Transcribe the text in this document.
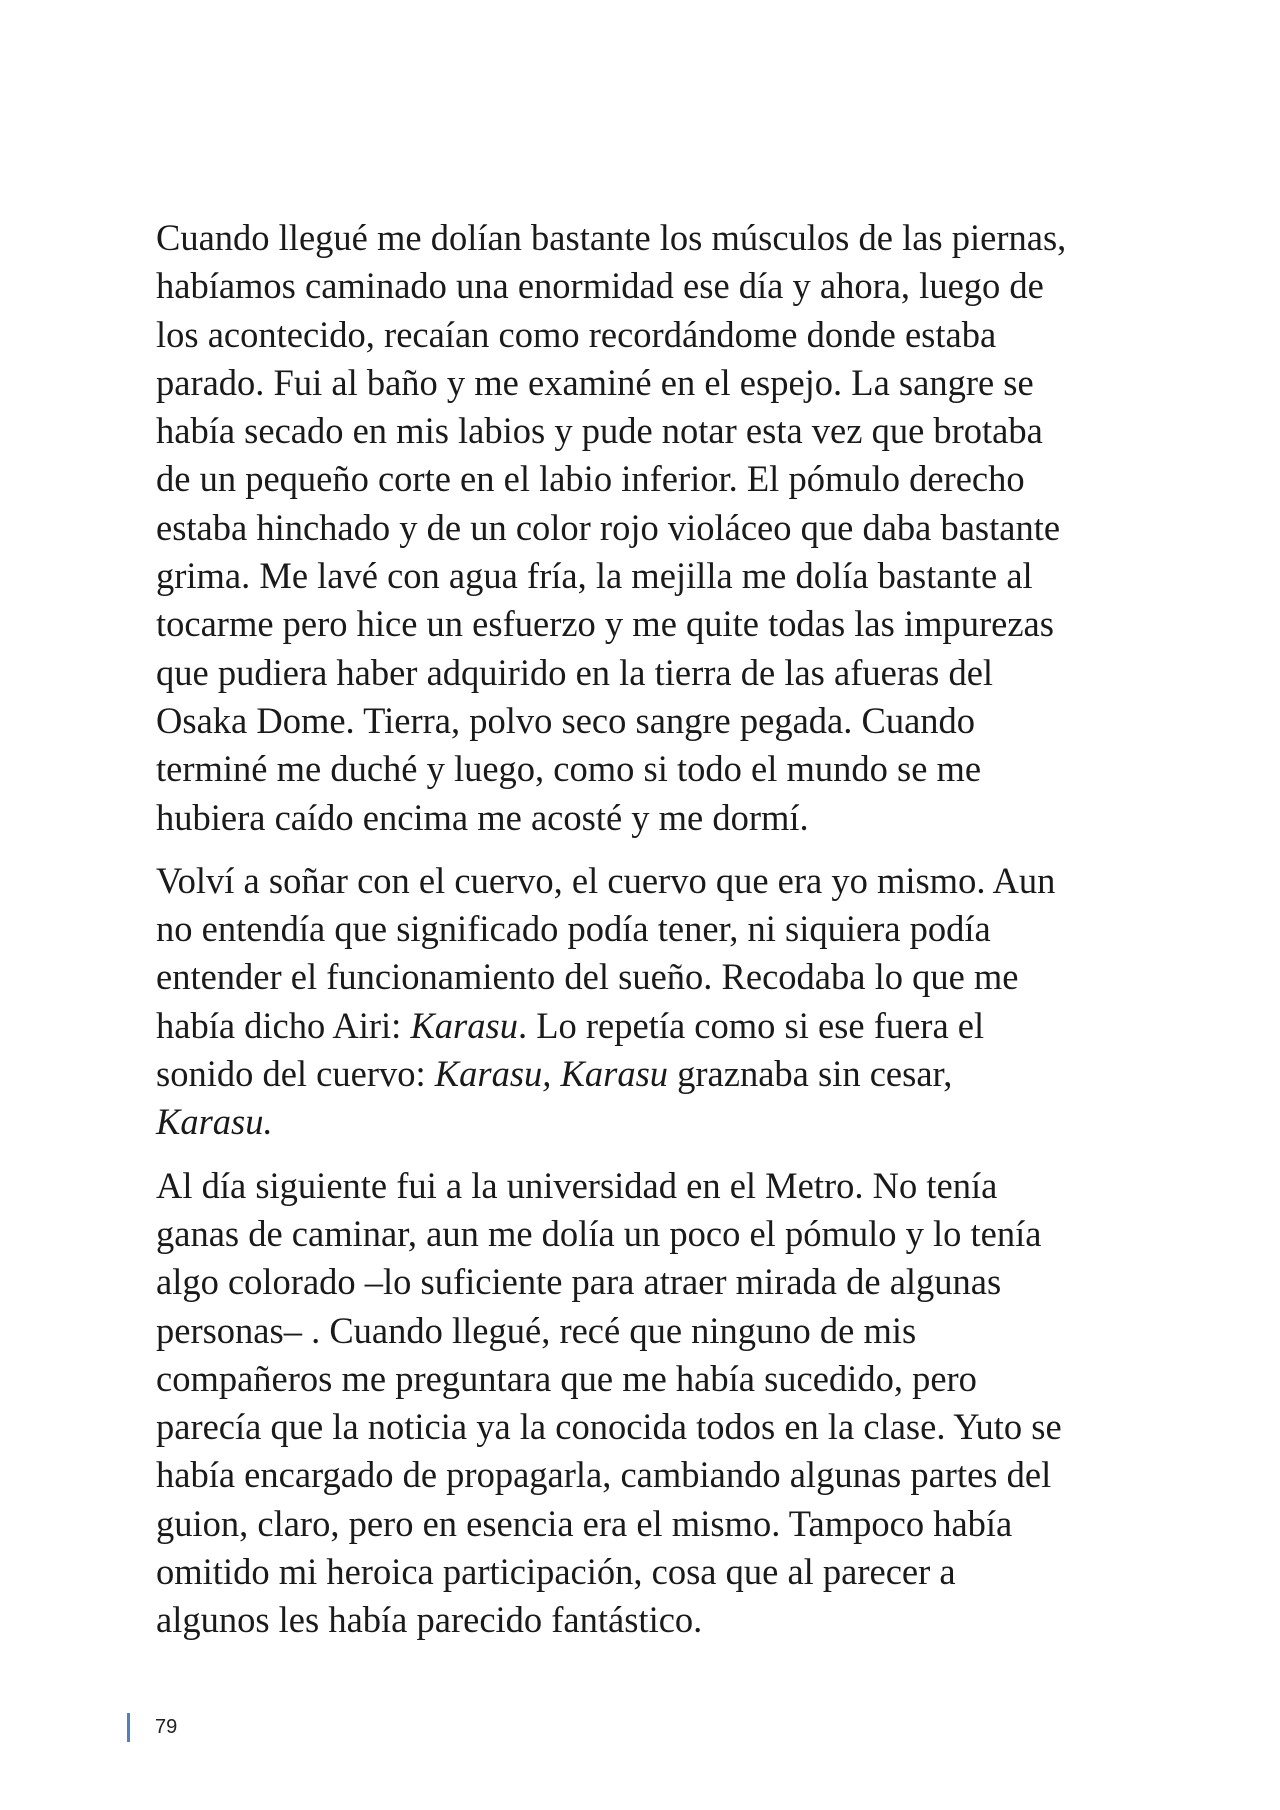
Cuando llegué me dolían bastante los músculos de las piernas,
habíamos caminado una enormidad ese día y ahora, luego de
los acontecido, recaían como recordándome donde estaba
parado. Fui al baño y me examiné en el espejo. La sangre se
había secado en mis labios y pude notar esta vez que brotaba
de un pequeño corte en el labio inferior. El pómulo derecho
estaba hinchado y de un color rojo violáceo que daba bastante
grima. Me lavé con agua fría, la mejilla me dolía bastante al
tocarme pero hice un esfuerzo y me quite todas las impurezas
que pudiera haber adquirido en la tierra de las afueras del
Osaka Dome. Tierra, polvo seco sangre pegada. Cuando
terminé me duché y luego, como si todo el mundo se me
hubiera caído encima me acosté y me dormí.

Volví a soñar con el cuervo, el cuervo que era yo mismo. Aun
no entendía que significado podía tener, ni siquiera podía
entender el funcionamiento del sueño. Recodaba lo que me
había dicho Airi: Karasu. Lo repetía como si ese fuera el
sonido del cuervo: Karasu, Karasu graznaba sin cesar,
Karasu.

Al día siguiente fui a la universidad en el Metro. No tenía
ganas de caminar, aun me dolía un poco el pómulo y lo tenía
algo colorado –lo suficiente para atraer mirada de algunas
personas– . Cuando llegué, recé que ninguno de mis
compañeros me preguntara que me había sucedido, pero
parecía que la noticia ya la conocida todos en la clase. Yuto se
había encargado de propagarla, cambiando algunas partes del
guion, claro, pero en esencia era el mismo. Tampoco había
omitido mi heroica participación, cosa que al parecer a
algunos les había parecido fantástico.

79
